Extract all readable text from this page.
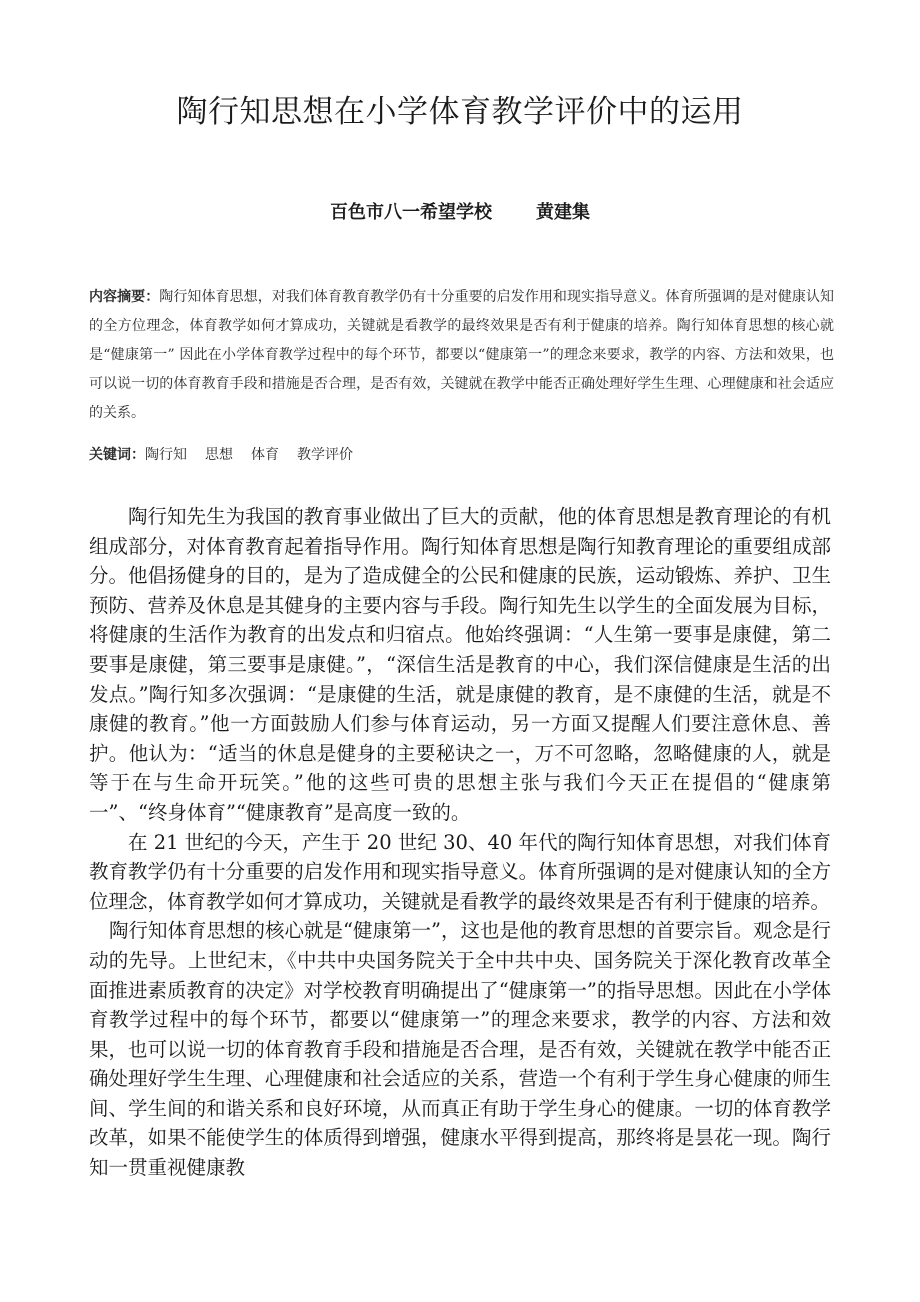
陶行知思想在小学体育教学评价中的运用
百色市八一希望学校 黄建集

内容摘要：陶行知体育思想，对我们体育教育教学仍有十分重要的启发作用和现实指导意义。体育所强调的是对健康认知的全方位理念，体育教学如何才算成功，关键就是看教学的最终效果是否有利于健康的培养。陶行知体育思想的核心就是“健康第一” 因此在小学体育教学过程中的每个环节，都要以“健康第一”的理念来要求，教学的内容、方法和效果，也可以说一切的体育教育手段和措施是否合理，是否有效，关键就在教学中能否正确处理好学生生理、心理健康和社会适应的关系。

关键词：陶行知 思想 体育 教学评价

陶行知先生为我国的教育事业做出了巨大的贡献，他的体育思想是教育理论的有机组成部分，对体育教育起着指导作用。陶行知体育思想是陶行知教育理论的重要组成部分。他倡扬健身的目的，是为了造成健全的公民和健康的民族，运动锻炼、养护、卫生预防、营养及休息是其健身的主要内容与手段。陶行知先生以学生的全面发展为目标，将健康的生活作为教育的出发点和归宿点。他始终强调：“人生第一要事是康健，第二要事是康健，第三要事是康健。”，“深信生活是教育的中心，我们深信健康是生活的出发点。”陶行知多次强调：“是康健的生活，就是康健的教育，是不康健的生活，就是不康健的教育。”他一方面鼓励人们参与体育运动，另一方面又提醒人们要注意休息、善护。他认为：“适当的休息是健身的主要秘诀之一，万不可忽略，忽略健康的人，就是等于在与生命开玩笑。”他的这些可贵的思想主张与我们今天正在提倡的“健康第一”、“终身体育”“健康教育”是高度一致的。

在 21 世纪的今天，产生于 20 世纪 30、40 年代的陶行知体育思想，对我们体育教育教学仍有十分重要的启发作用和现实指导意义。体育所强调的是对健康认知的全方位理念，体育教学如何才算成功，关键就是看教学的最终效果是否有利于健康的培养。

陶行知体育思想的核心就是“健康第一”，这也是他的教育思想的首要宗旨。观念是行动的先导。上世纪末，《中共中央国务院关于全中共中央、国务院关于深化教育改革全面推进素质教育的决定》对学校教育明确提出了“健康第一”的指导思想。因此在小学体育教学过程中的每个环节，都要以“健康第一”的理念来要求，教学的内容、方法和效果，也可以说一切的体育教育手段和措施是否合理，是否有效，关键就在教学中能否正确处理好学生生理、心理健康和社会适应的关系，营造一个有利于学生身心健康的师生间、学生间的和谐关系和良好环境，从而真正有助于学生身心的健康。一切的体育教学改革，如果不能使学生的体质得到增强，健康水平得到提高，那终将是昙花一现。陶行知一贯重视健康教
